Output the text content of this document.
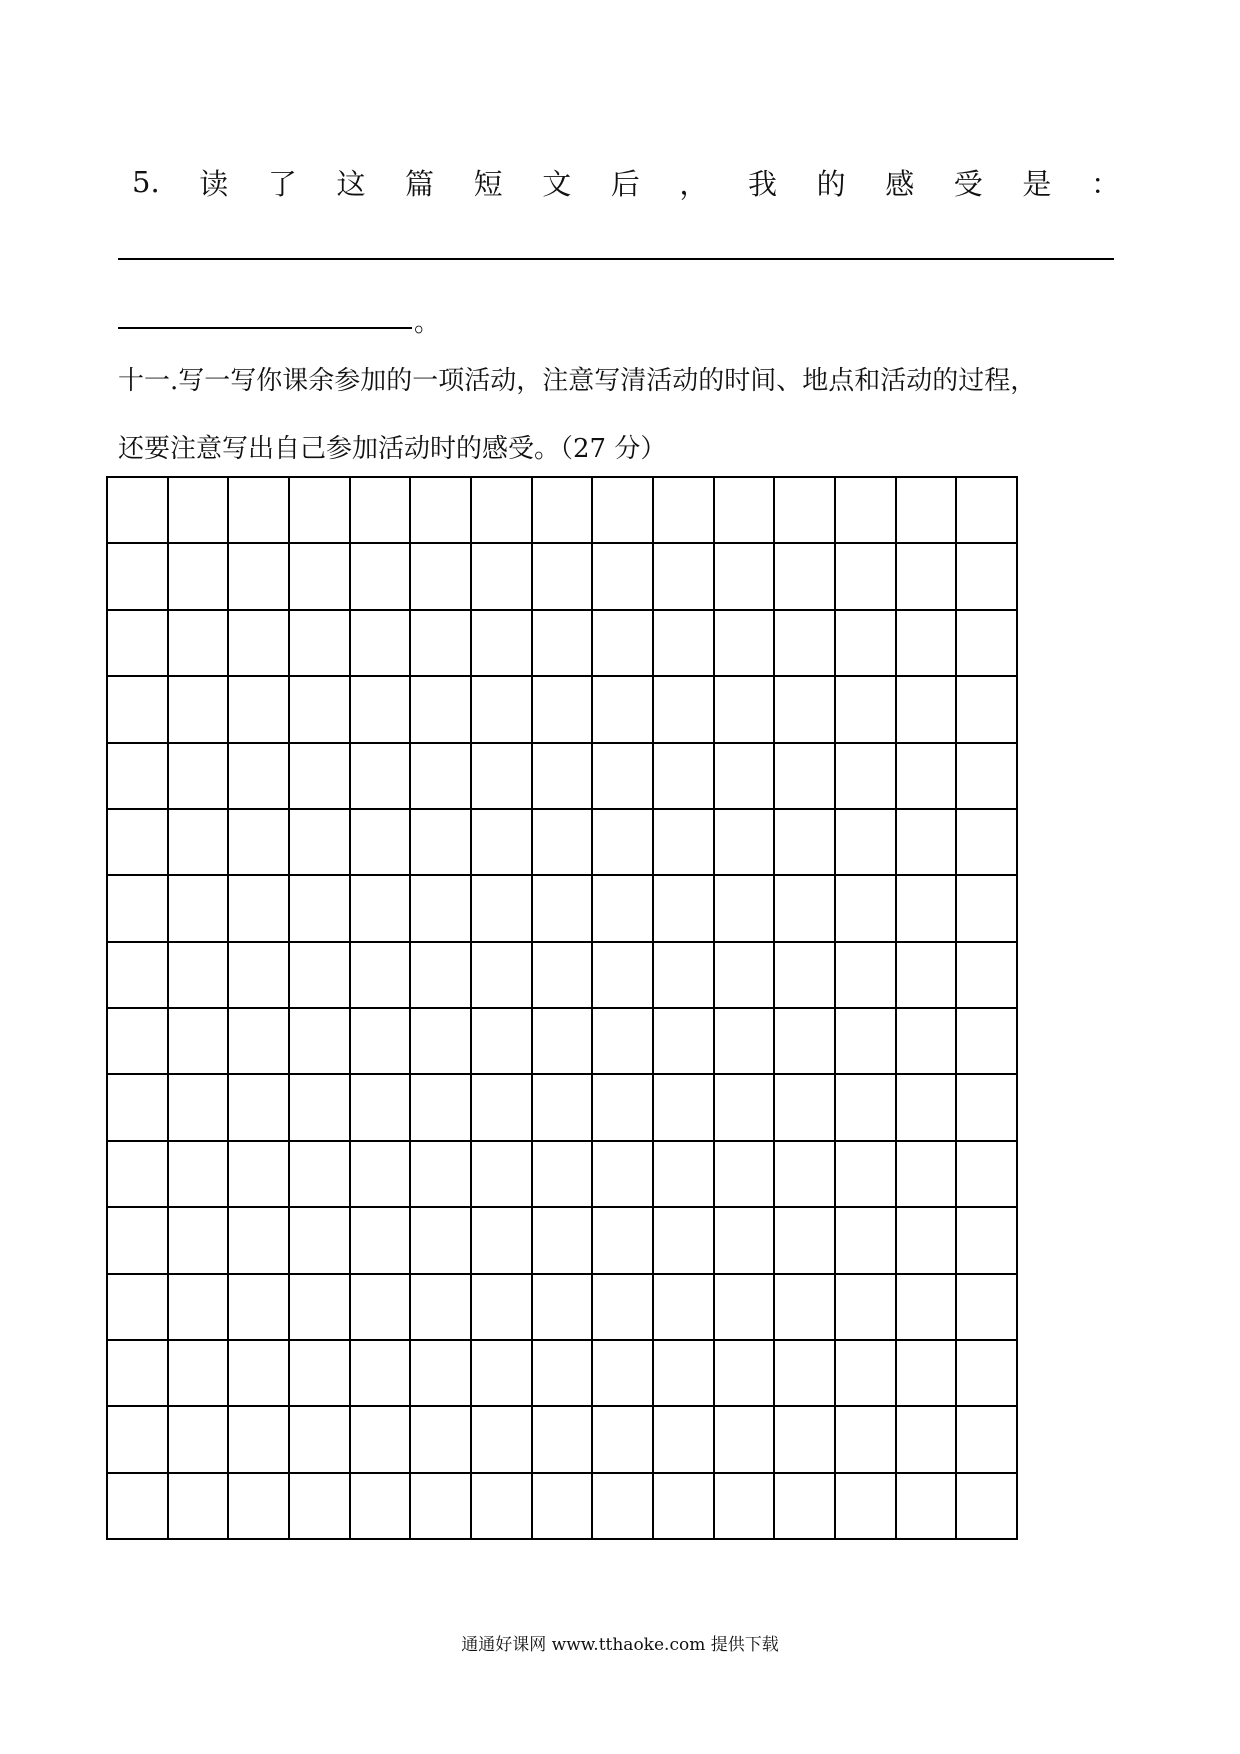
5. 读 了 这 篇 短 文 后 ， 我 的 感 受 是 ：
。
十一.写一写你课余参加的一项活动，注意写清活动的时间、地点和活动的过程，
还要注意写出自己参加活动时的感受。（27 分）

通通好课网 www.tthaoke.com 提供下载
